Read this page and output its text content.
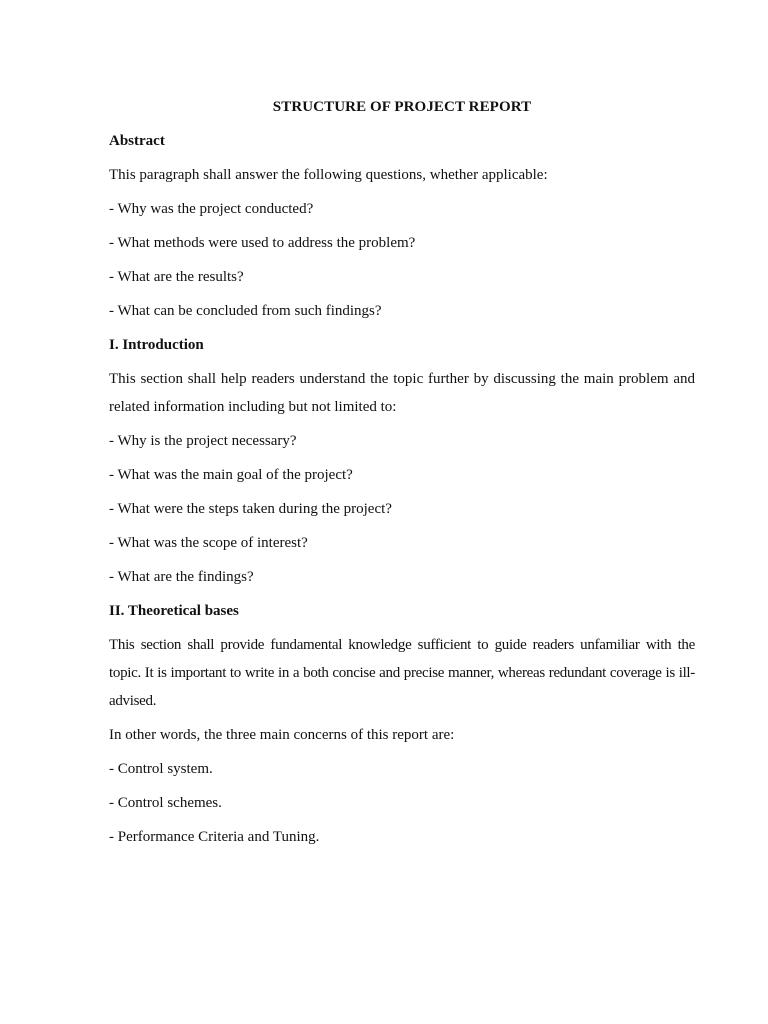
STRUCTURE OF PROJECT REPORT
Abstract
This paragraph shall answer the following questions, whether applicable:
- Why was the project conducted?
- What methods were used to address the problem?
- What are the results?
- What can be concluded from such findings?
I. Introduction
This section shall help readers understand the topic further by discussing the main problem and related information including but not limited to:
- Why is the project necessary?
- What was the main goal of the project?
- What were the steps taken during the project?
- What was the scope of interest?
- What are the findings?
II. Theoretical bases
This section shall provide fundamental knowledge sufficient to guide readers unfamiliar with the topic. It is important to write in a both concise and precise manner, whereas redundant coverage is ill-advised.
In other words, the three main concerns of this report are:
- Control system.
- Control schemes.
- Performance Criteria and Tuning.
